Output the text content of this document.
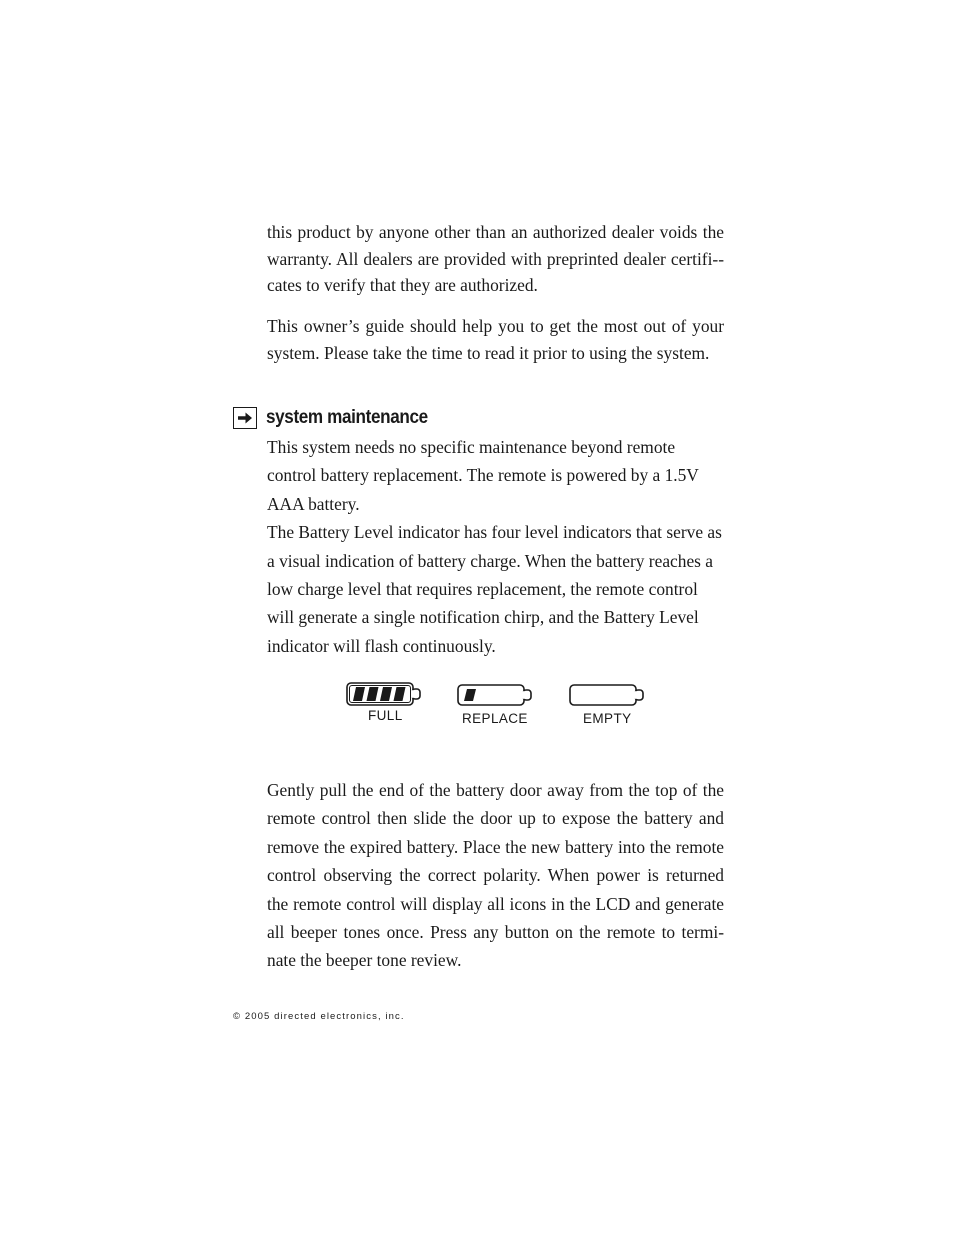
this product by anyone other than an authorized dealer voids the warranty. All dealers are provided with preprinted dealer certifi-cates to verify that they are authorized.

This owner’s guide should help you to get the most out of your system. Please take the time to read it prior to using the system.

system maintenance

This system needs no specific maintenance beyond remote control battery replacement. The remote is powered by a 1.5V AAA battery.

The Battery Level indicator has four level indicators that serve as a visual indication of battery charge. When the battery reaches a low charge level that requires replacement, the remote control will generate a single notification chirp, and the Battery Level indicator will flash continuously.

FULL	REPLACE	EMPTY

Gently pull the end of the battery door away from the top of the remote control then slide the door up to expose the battery and remove the expired battery. Place the new battery into the remote control observing the correct polarity. When power is returned the remote control will display all icons in the LCD and generate all beeper tones once. Press any button on the remote to terminate the beeper tone review.

© 2005 directed electronics, inc.
